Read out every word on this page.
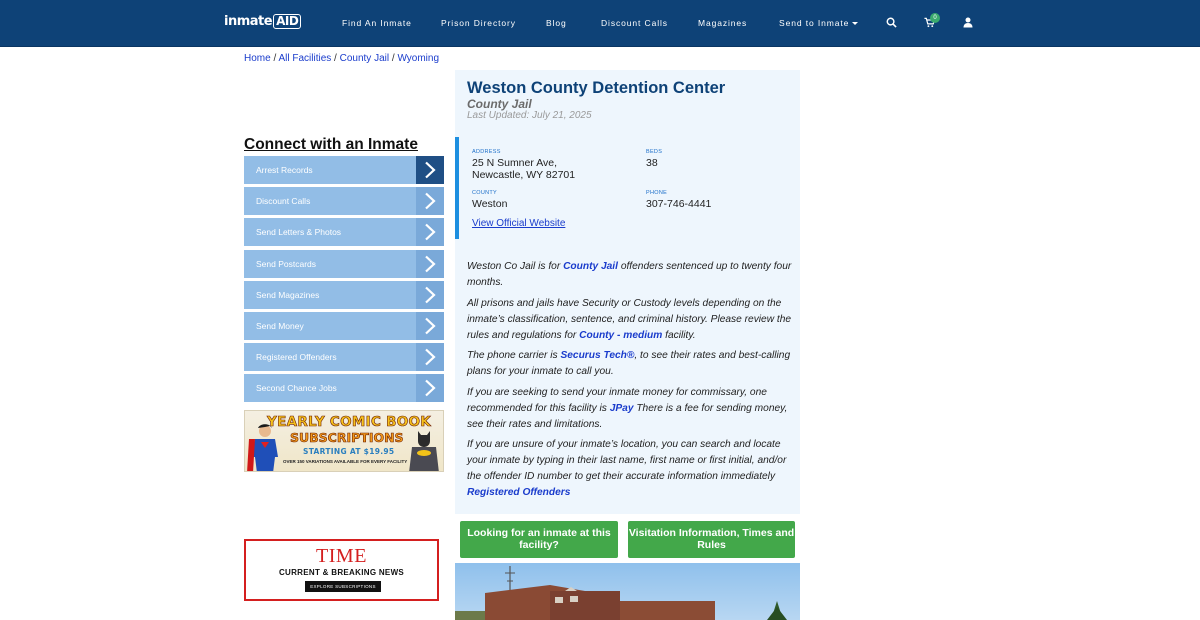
inmate AID	Find An Inmate	Prison Directory	Blog	Discount Calls	Magazines	Send to Inmate	0
Home / All Facilities / County Jail / Wyoming
Connect with an Inmate
Arrest Records
Discount Calls
Send Letters & Photos
Send Postcards
Send Magazines
Send Money
Registered Offenders
Second Chance Jobs
YEARLY COMIC BOOK
SUBSCRIPTIONS
STARTING AT $19.95
OVER 150 VARIATIONS AVAILABLE FOR EVERY FACILITY
TIME
CURRENT & BREAKING NEWS
EXPLORE SUBSCRIPTIONS
Weston County Detention Center
County Jail
Last Updated: July 21, 2025
ADDRESS
25 N Sumner Ave,
Newcastle, WY 82701
BEDS
38
COUNTY
Weston
PHONE
307-746-4441
View Official Website

Weston Co Jail is for County Jail offenders sentenced up to twenty four months.

All prisons and jails have Security or Custody levels depending on the inmate’s classification, sentence, and criminal history. Please review the rules and regulations for County - medium facility.

The phone carrier is Securus Tech®, to see their rates and best-calling plans for your inmate to call you.

If you are seeking to send your inmate money for commissary, one recommended for this facility is JPay There is a fee for sending money, see their rates and limitations.

If you are unsure of your inmate’s location, you can search and locate your inmate by typing in their last name, first name or first initial, and/or the offender ID number to get their accurate information immediately Registered Offenders

Looking for an inmate at this facility?
Visitation Information, Times and Rules
